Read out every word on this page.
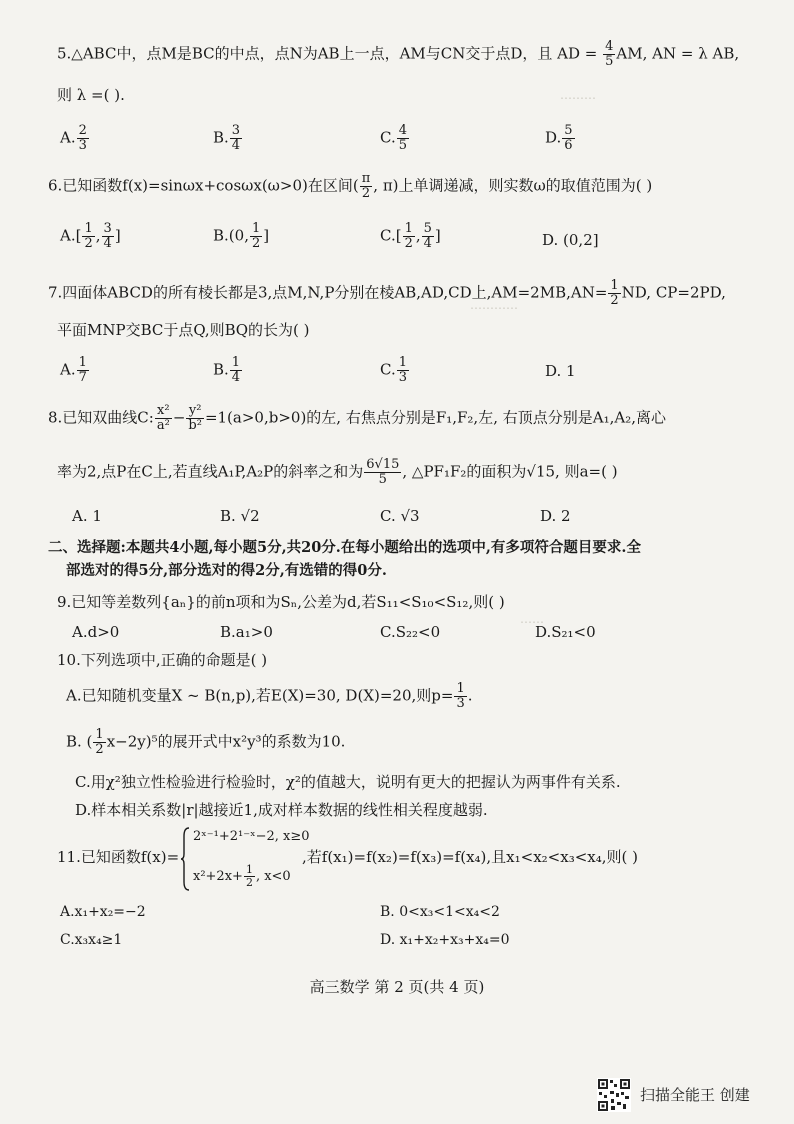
………
…………
……
5.△ABC中，点M是BC的中点，点N为AB上一点，AM与CN交于点D，且 AD = $\frac{4}{5}$ AM, AN = λ AB,
则 λ =( ).
A. $\frac{2}{3}$	B. $\frac{3}{4}$	C. $\frac{4}{5}$	D. $\frac{5}{6}$
6.已知函数f(x)=sinωx+cosωx(ω>0)在区间( $\frac{\pi}{2}$ , π)上单调递减，则实数ω的取值范围为( )
$A.[ \frac{1}{2}$ , $\frac{3}{4}$ ]	B.(0, $\frac{1}{2}$ ]	$C.[ \frac{1}{2}$ , $\frac{5}{4}$ ]	D. (0,2]
7.四面体ABCD的所有棱长都是3,点M,N,P分别在棱AB,AD,CD上$,AM=2MB,AN= \frac{1}{2}$ ND, CP=2PD,
平面MNP交BC于点Q,则BQ的长为( )
A. $\frac{1}{7}$	B. $\frac{1}{4}$	C. $\frac{1}{3}$	D. 1
8.已知双曲线C: $\frac{\text{x²}}{\text{a²}} - \frac{\text{y²}}{\text{b²}} =1(a>0,b>0)$的左, 右焦点分别是F₁,F₂,左, 右顶点分别是A₁,A₂,离心
率为2,点P在C上,若直线A₁P,A₂P的斜率之和为 $\frac{6√15}{5}$ , △PF₁F₂的面积为√15, 则a=( )
A. 1	B. √2	C. √3	D. 2
二、选择题:本题共4小题,每小题5分,共20分.在每小题给出的选项中,有多项符合题目要求.全
部选对的得5分,部分选对的得2分,有选错的得0分.
9.已知等差数列{aₙ}的前n项和为Sₙ,公差为d,若S₁₁<S₁₀<S₁₂,则( )
A.d>0	B.a₁>0	C.S₂₂<0	D.S₂₁<0
10.下列选项中,正确的命题是( )
A.已知随机变量X ~ B(n,p),若E(X)=30, D(X)=20,则$p= \frac{1}{3}$ .
B. ( $\frac{1}{2} x-2y)^5$的展开式中x²y³的系数为10.
C.用χ²独立性检验进行检验时，χ²的值越大，说明有更大的把握认为两事件有关系.
D.样本相关系数|r|越接近1,成对样本数据的线性相关程度越弱.
11.已知函数f(x)=
2ˣ⁻¹+2¹⁻ˣ−2, x≥0
$x^2+2x+ \frac{1}{2}$ , x<0
,若f(x₁)=f(x₂)=f(x₃)=f(x₄),且x₁<x₂<x₃<x₄,则( )
A.x₁+x₂=−2	B. 0<x₃<1<x₄<2
C.x₃x₄≥1	D. x₁+x₂+x₃+x₄=0
高三数学 第 2 页(共 4 页)
扫描全能王 创建
